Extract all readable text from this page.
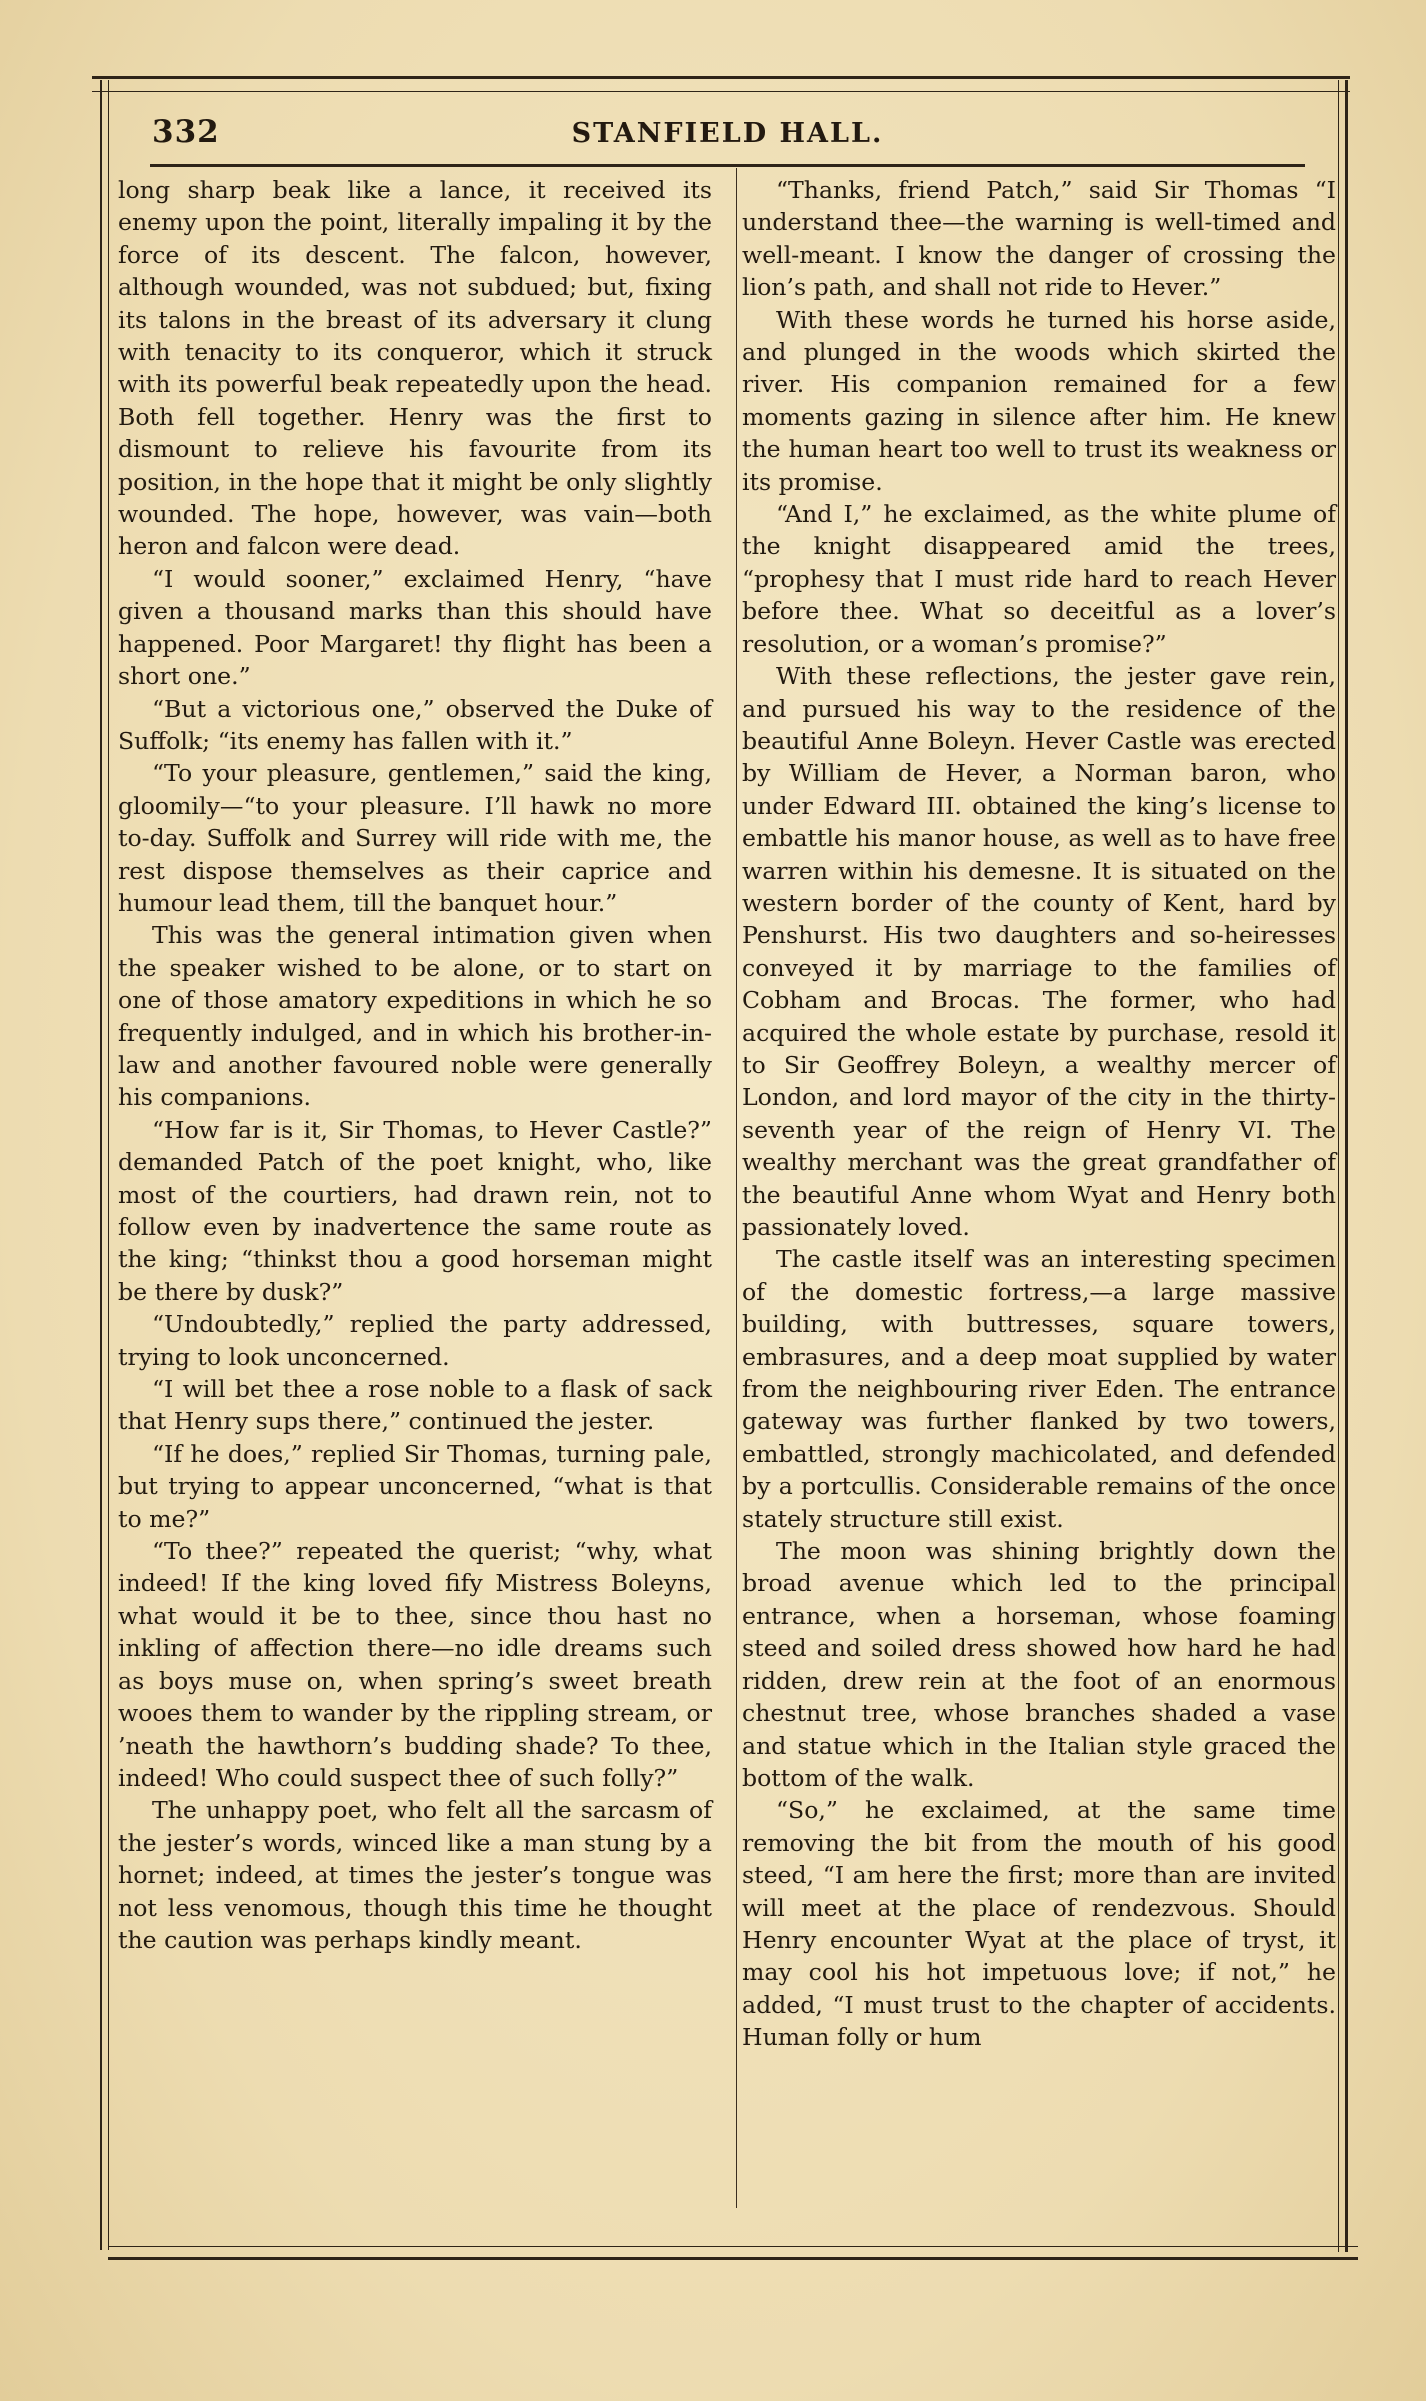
332	STANFIELD HALL.

long sharp beak like a lance, it received its enemy upon the point, literally impaling it by the force of its descent. The falcon, however, although wounded, was not subdued; but, fixing its talons in the breast of its adversary it clung with tenacity to its conqueror, which it struck with its powerful beak repeatedly upon the head. Both fell together. Henry was the first to dismount to relieve his favourite from its position, in the hope that it might be only slightly wounded. The hope, however, was vain—both heron and falcon were dead.

“I would sooner,” exclaimed Henry, “have given a thousand marks than this should have happened. Poor Margaret! thy flight has been a short one.”

“But a victorious one,” observed the Duke of Suffolk; “its enemy has fallen with it.”

“To your pleasure, gentlemen,” said the king, gloomily—“to your pleasure. I’ll hawk no more to-day. Suffolk and Surrey will ride with me, the rest dispose themselves as their caprice and humour lead them, till the banquet hour.”

This was the general intimation given when the speaker wished to be alone, or to start on one of those amatory expeditions in which he so frequently indulged, and in which his brother-in-law and another favoured noble were generally his companions.

“How far is it, Sir Thomas, to Hever Castle?” demanded Patch of the poet knight, who, like most of the courtiers, had drawn rein, not to follow even by inadvertence the same route as the king; “thinkst thou a good horseman might be there by dusk?”

“Undoubtedly,” replied the party addressed, trying to look unconcerned.

“I will bet thee a rose noble to a flask of sack that Henry sups there,” continued the jester.

“If he does,” replied Sir Thomas, turning pale, but trying to appear unconcerned, “what is that to me?”

“To thee?” repeated the querist; “why, what indeed! If the king loved fify Mistress Boleyns, what would it be to thee, since thou hast no inkling of affection there—no idle dreams such as boys muse on, when spring’s sweet breath wooes them to wander by the rippling stream, or ’neath the hawthorn’s budding shade? To thee, indeed! Who could suspect thee of such folly?”

The unhappy poet, who felt all the sarcasm of the jester’s words, winced like a man stung by a hornet; indeed, at times the jester’s tongue was not less venomous, though this time he thought the caution was perhaps kindly meant.

“Thanks, friend Patch,” said Sir Thomas “I understand thee—the warning is well-timed and well-meant. I know the danger of crossing the lion’s path, and shall not ride to Hever.”

With these words he turned his horse aside, and plunged in the woods which skirted the river. His companion remained for a few moments gazing in silence after him. He knew the human heart too well to trust its weakness or its promise.

“And I,” he exclaimed, as the white plume of the knight disappeared amid the trees, “prophesy that I must ride hard to reach Hever before thee. What so deceitful as a lover’s resolution, or a woman’s promise?”

With these reflections, the jester gave rein, and pursued his way to the residence of the beautiful Anne Boleyn. Hever Castle was erected by William de Hever, a Norman baron, who under Edward III. obtained the king’s license to embattle his manor house, as well as to have free warren within his demesne. It is situated on the western border of the county of Kent, hard by Penshurst. His two daughters and so-heiresses conveyed it by marriage to the families of Cobham and Brocas. The former, who had acquired the whole estate by purchase, resold it to Sir Geoffrey Boleyn, a wealthy mercer of London, and lord mayor of the city in the thirty-seventh year of the reign of Henry VI. The wealthy merchant was the great grandfather of the beautiful Anne whom Wyat and Henry both passionately loved.

The castle itself was an interesting specimen of the domestic fortress,—a large massive building, with buttresses, square towers, embrasures, and a deep moat supplied by water from the neighbouring river Eden. The entrance gateway was further flanked by two towers, embattled, strongly machicolated, and defended by a portcullis. Considerable remains of the once stately structure still exist.

The moon was shining brightly down the broad avenue which led to the principal entrance, when a horseman, whose foaming steed and soiled dress showed how hard he had ridden, drew rein at the foot of an enormous chestnut tree, whose branches shaded a vase and statue which in the Italian style graced the bottom of the walk.

“So,” he exclaimed, at the same time removing the bit from the mouth of his good steed, “I am here the first; more than are invited will meet at the place of rendezvous. Should Henry encounter Wyat at the place of tryst, it may cool his hot impetuous love; if not,” he added, “I must trust to the chapter of accidents. Human folly or hum
